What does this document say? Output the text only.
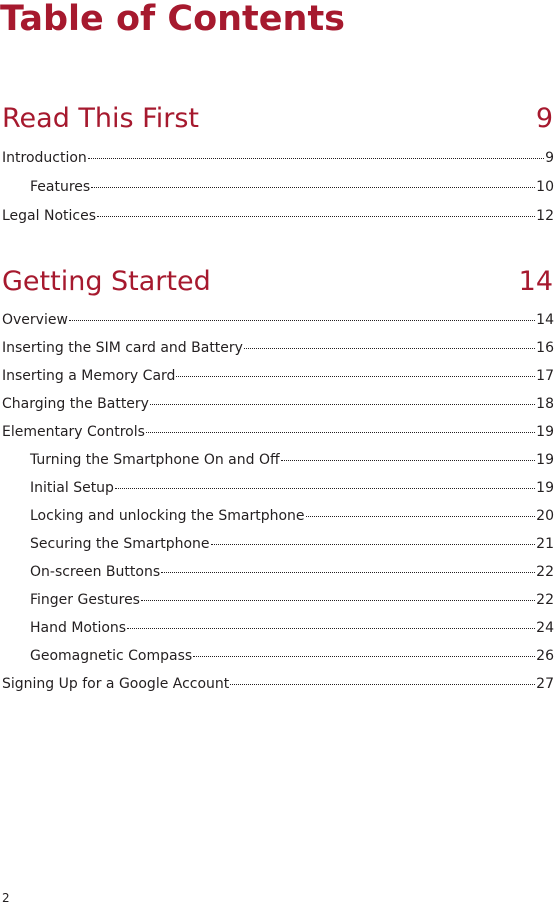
Table of Contents
Read This First	9
Introduction	9
Features	10
Legal Notices	12
Getting Started	14
Overview	14
Inserting the SIM card and Battery	16
Inserting a Memory Card	17
Charging the Battery	18
Elementary Controls	19
Turning the Smartphone On and Off	19
Initial Setup	19
Locking and unlocking the Smartphone	20
Securing the Smartphone	21
On-screen Buttons	22
Finger Gestures	22
Hand Motions	24
Geomagnetic Compass	26
Signing Up for a Google Account	27
2
